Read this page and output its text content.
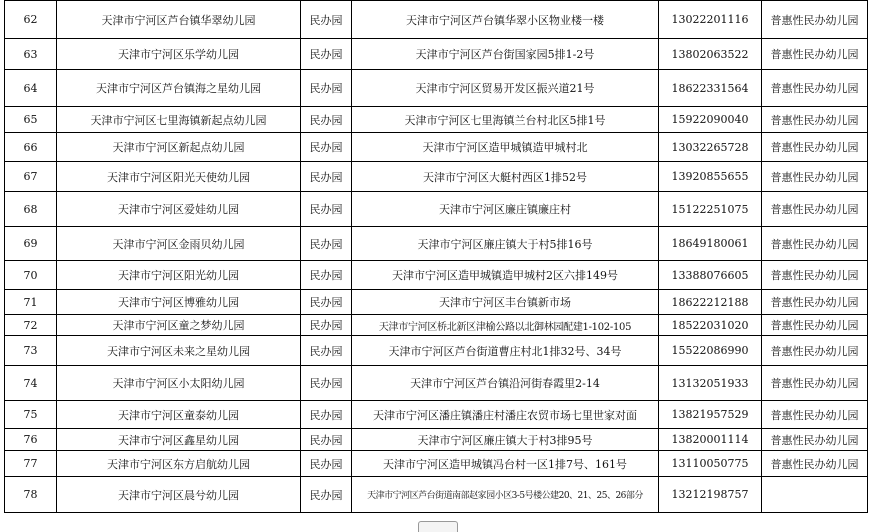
62	天津市宁河区芦台镇华翠幼儿园	民办园	天津市宁河区芦台镇华翠小区物业楼一楼	13022201116	普惠性民办幼儿园
63	天津市宁河区乐学幼儿园	民办园	天津市宁河区芦台街国家园5排1-2号	13802063522	普惠性民办幼儿园
64	天津市宁河区芦台镇海之星幼儿园	民办园	天津市宁河区贸易开发区振兴道21号	18622331564	普惠性民办幼儿园
65	天津市宁河区七里海镇新起点幼儿园	民办园	天津市宁河区七里海镇兰台村北区5排1号	15922090040	普惠性民办幼儿园
66	天津市宁河区新起点幼儿园	民办园	天津市宁河区造甲城镇造甲城村北	13032265728	普惠性民办幼儿园
67	天津市宁河区阳光天使幼儿园	民办园	天津市宁河区大艇村西区1排52号	13920855655	普惠性民办幼儿园
68	天津市宁河区爱娃幼儿园	民办园	天津市宁河区廉庄镇廉庄村	15122251075	普惠性民办幼儿园
69	天津市宁河区金雨贝幼儿园	民办园	天津市宁河区廉庄镇大于村5排16号	18649180061	普惠性民办幼儿园
70	天津市宁河区阳光幼儿园	民办园	天津市宁河区造甲城镇造甲城村2区六排149号	13388076605	普惠性民办幼儿园
71	天津市宁河区博雅幼儿园	民办园	天津市宁河区丰台镇新市场	18622212188	普惠性民办幼儿园
72	天津市宁河区童之梦幼儿园	民办园	天津市宁河区桥北新区津榆公路以北御林园配建1-102-105	18522031020	普惠性民办幼儿园
73	天津市宁河区未来之星幼儿园	民办园	天津市宁河区芦台街道曹庄村北1排32号、34号	15522086990	普惠性民办幼儿园
74	天津市宁河区小太阳幼儿园	民办园	天津市宁河区芦台镇沿河街春霞里2-14	13132051933	普惠性民办幼儿园
75	天津市宁河区童泰幼儿园	民办园	天津市宁河区潘庄镇潘庄村潘庄农贸市场七里世家对面	13821957529	普惠性民办幼儿园
76	天津市宁河区鑫星幼儿园	民办园	天津市宁河区廉庄镇大于村3排95号	13820001114	普惠性民办幼儿园
77	天津市宁河区东方启航幼儿园	民办园	天津市宁河区造甲城镇冯台村一区1排7号、161号	13110050775	普惠性民办幼儿园
78	天津市宁河区晨兮幼儿园	民办园	天津市宁河区芦台街道南部赵家园小区3-5号楼公建20、21、25、26部分	13212198757	
